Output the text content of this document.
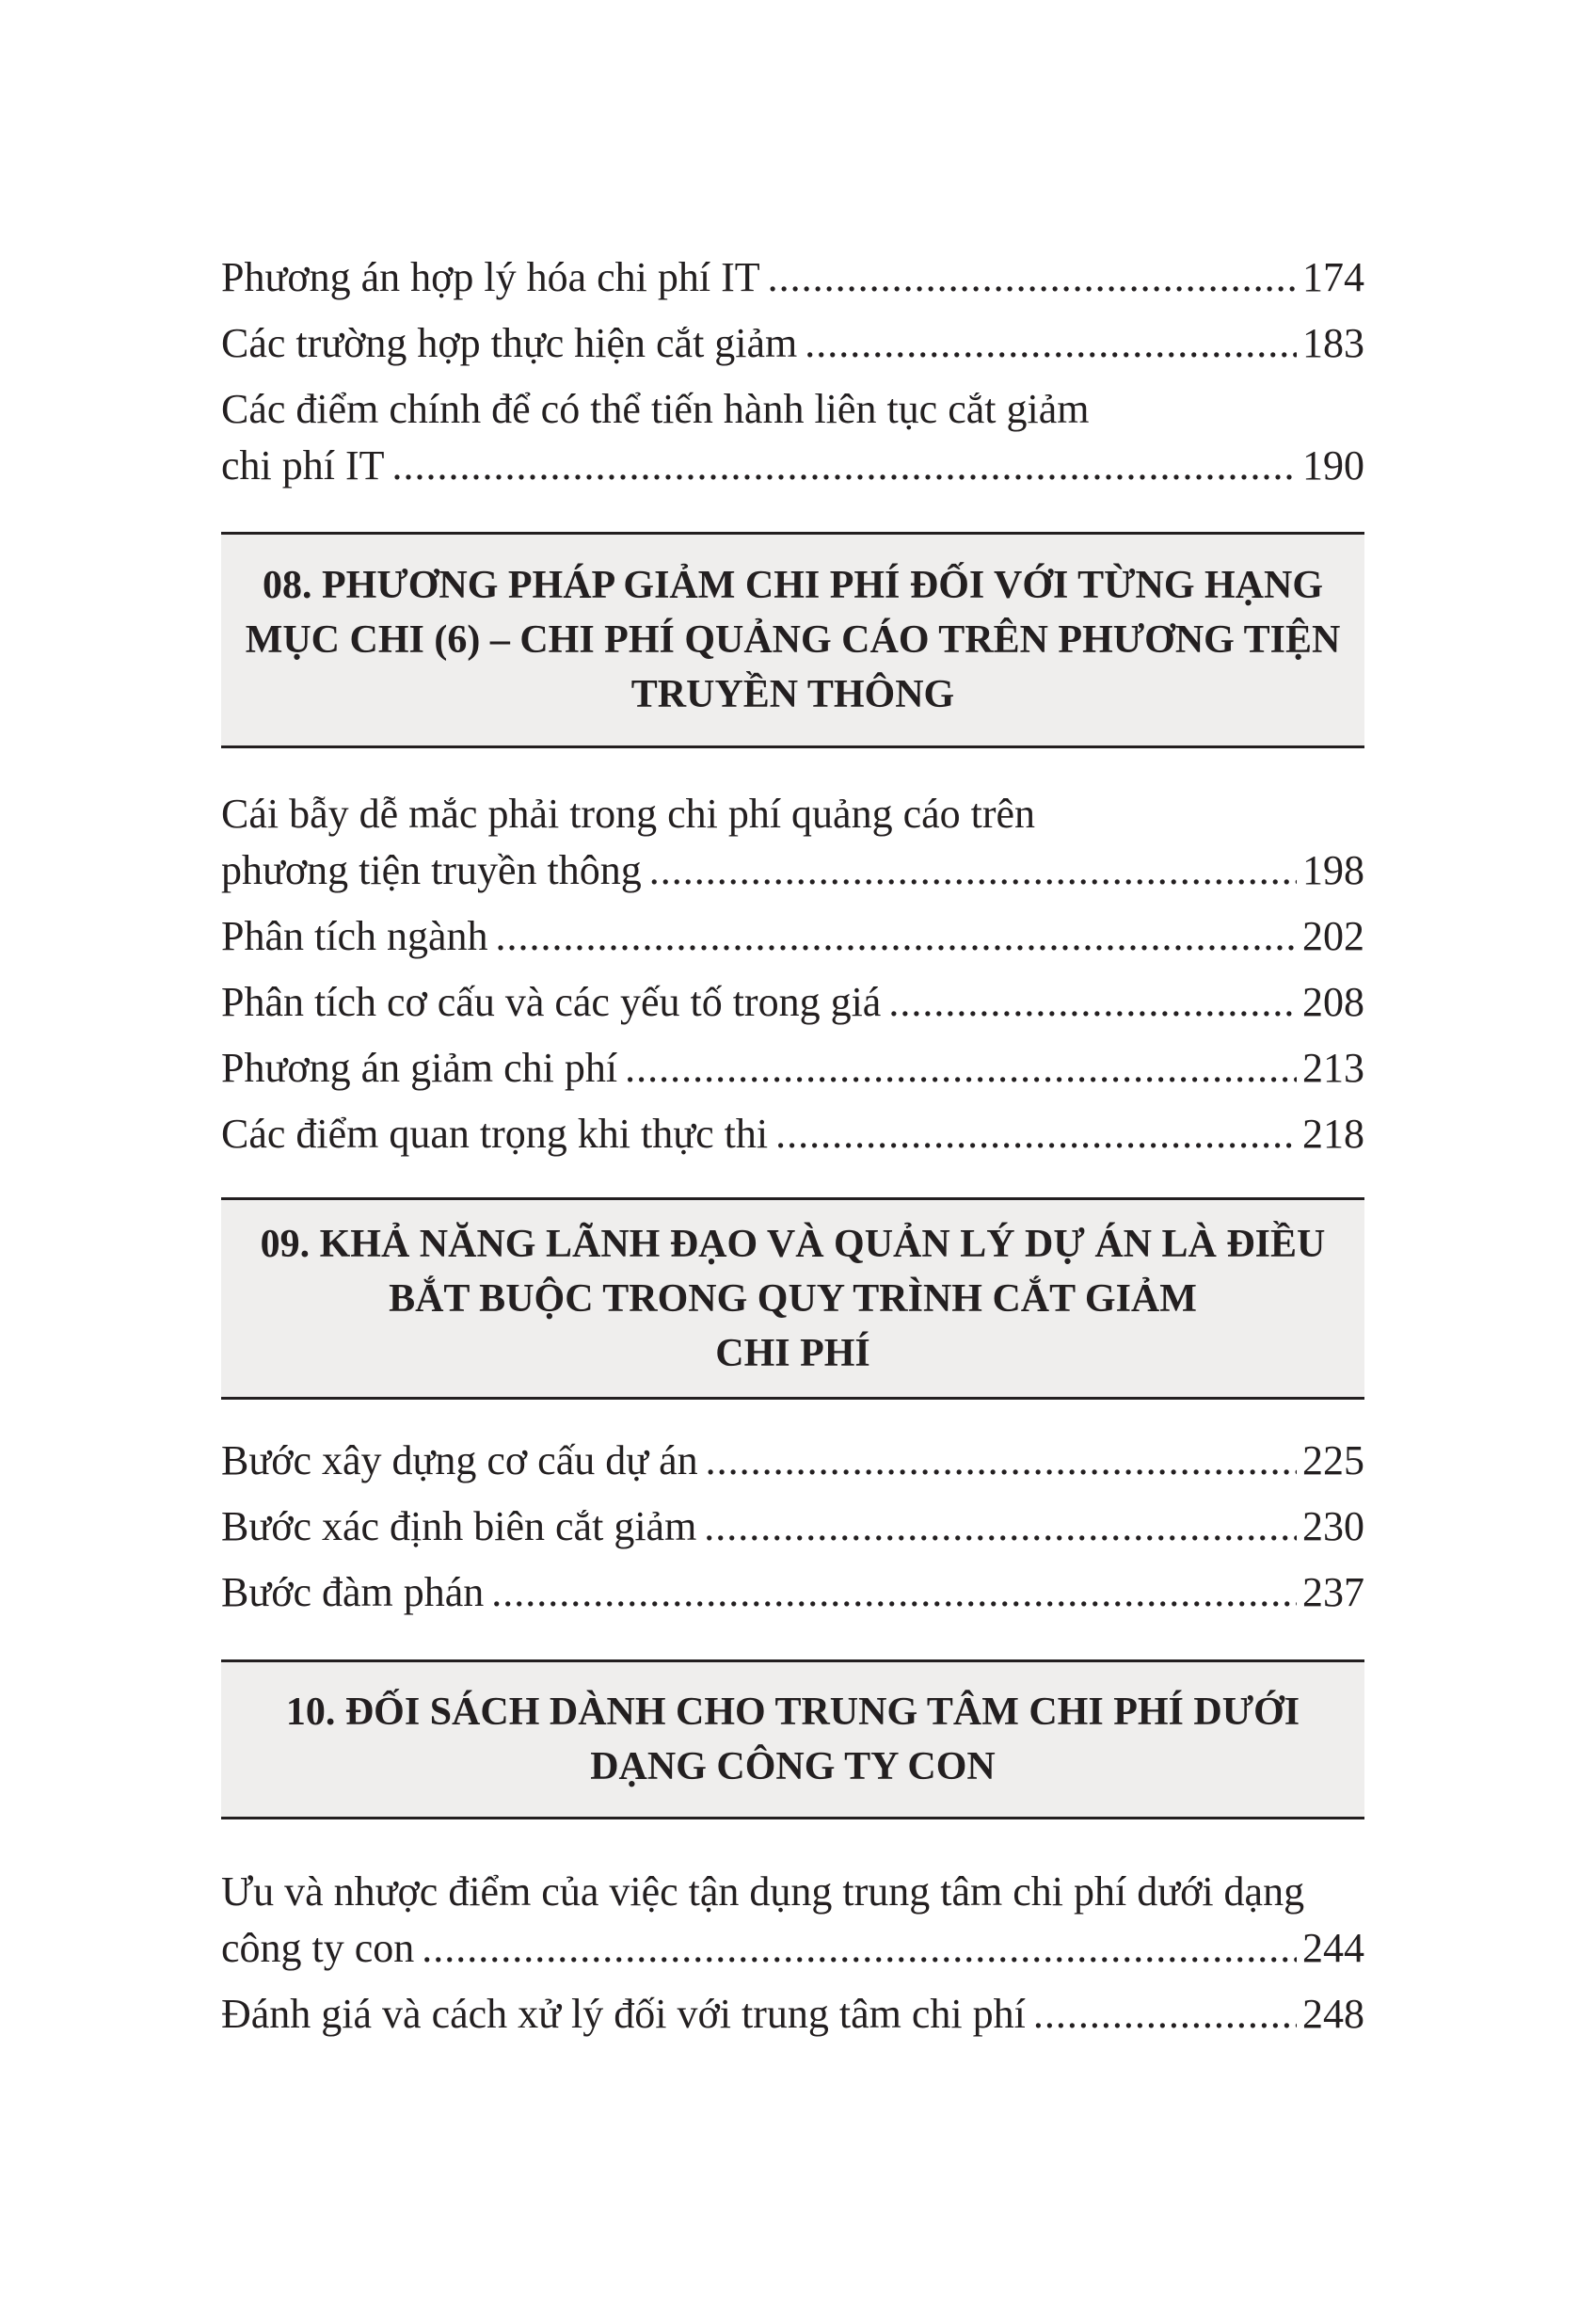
Phương án hợp lý hóa chi phí IT .....	174
Các trường hợp thực hiện cắt giảm .....	183
Các điểm chính để có thể tiến hành liên tục cắt giảm
chi phí IT .....	190
08. PHƯƠNG PHÁP GIẢM CHI PHÍ ĐỐI VỚI TỪNG HẠNG
MỤC CHI (6) – CHI PHÍ QUẢNG CÁO TRÊN PHƯƠNG TIỆN
TRUYỀN THÔNG
Cái bẫy dễ mắc phải trong chi phí quảng cáo trên
phương tiện truyền thông .....	198
Phân tích ngành .....	202
Phân tích cơ cấu và các yếu tố trong giá .....	208
Phương án giảm chi phí .....	213
Các điểm quan trọng khi thực thi .....	218
09. KHẢ NĂNG LÃNH ĐẠO VÀ QUẢN LÝ DỰ ÁN LÀ ĐIỀU
BẮT BUỘC TRONG QUY TRÌNH CẮT GIẢM
CHI PHÍ
Bước xây dựng cơ cấu dự án .....	225
Bước xác định biên cắt giảm .....	230
Bước đàm phán .....	237
10. ĐỐI SÁCH DÀNH CHO TRUNG TÂM CHI PHÍ DƯỚI
DẠNG CÔNG TY CON
Ưu và nhược điểm của việc tận dụng trung tâm chi phí dưới dạng
công ty con .....	244
Đánh giá và cách xử lý đối với trung tâm chi phí .....	248
